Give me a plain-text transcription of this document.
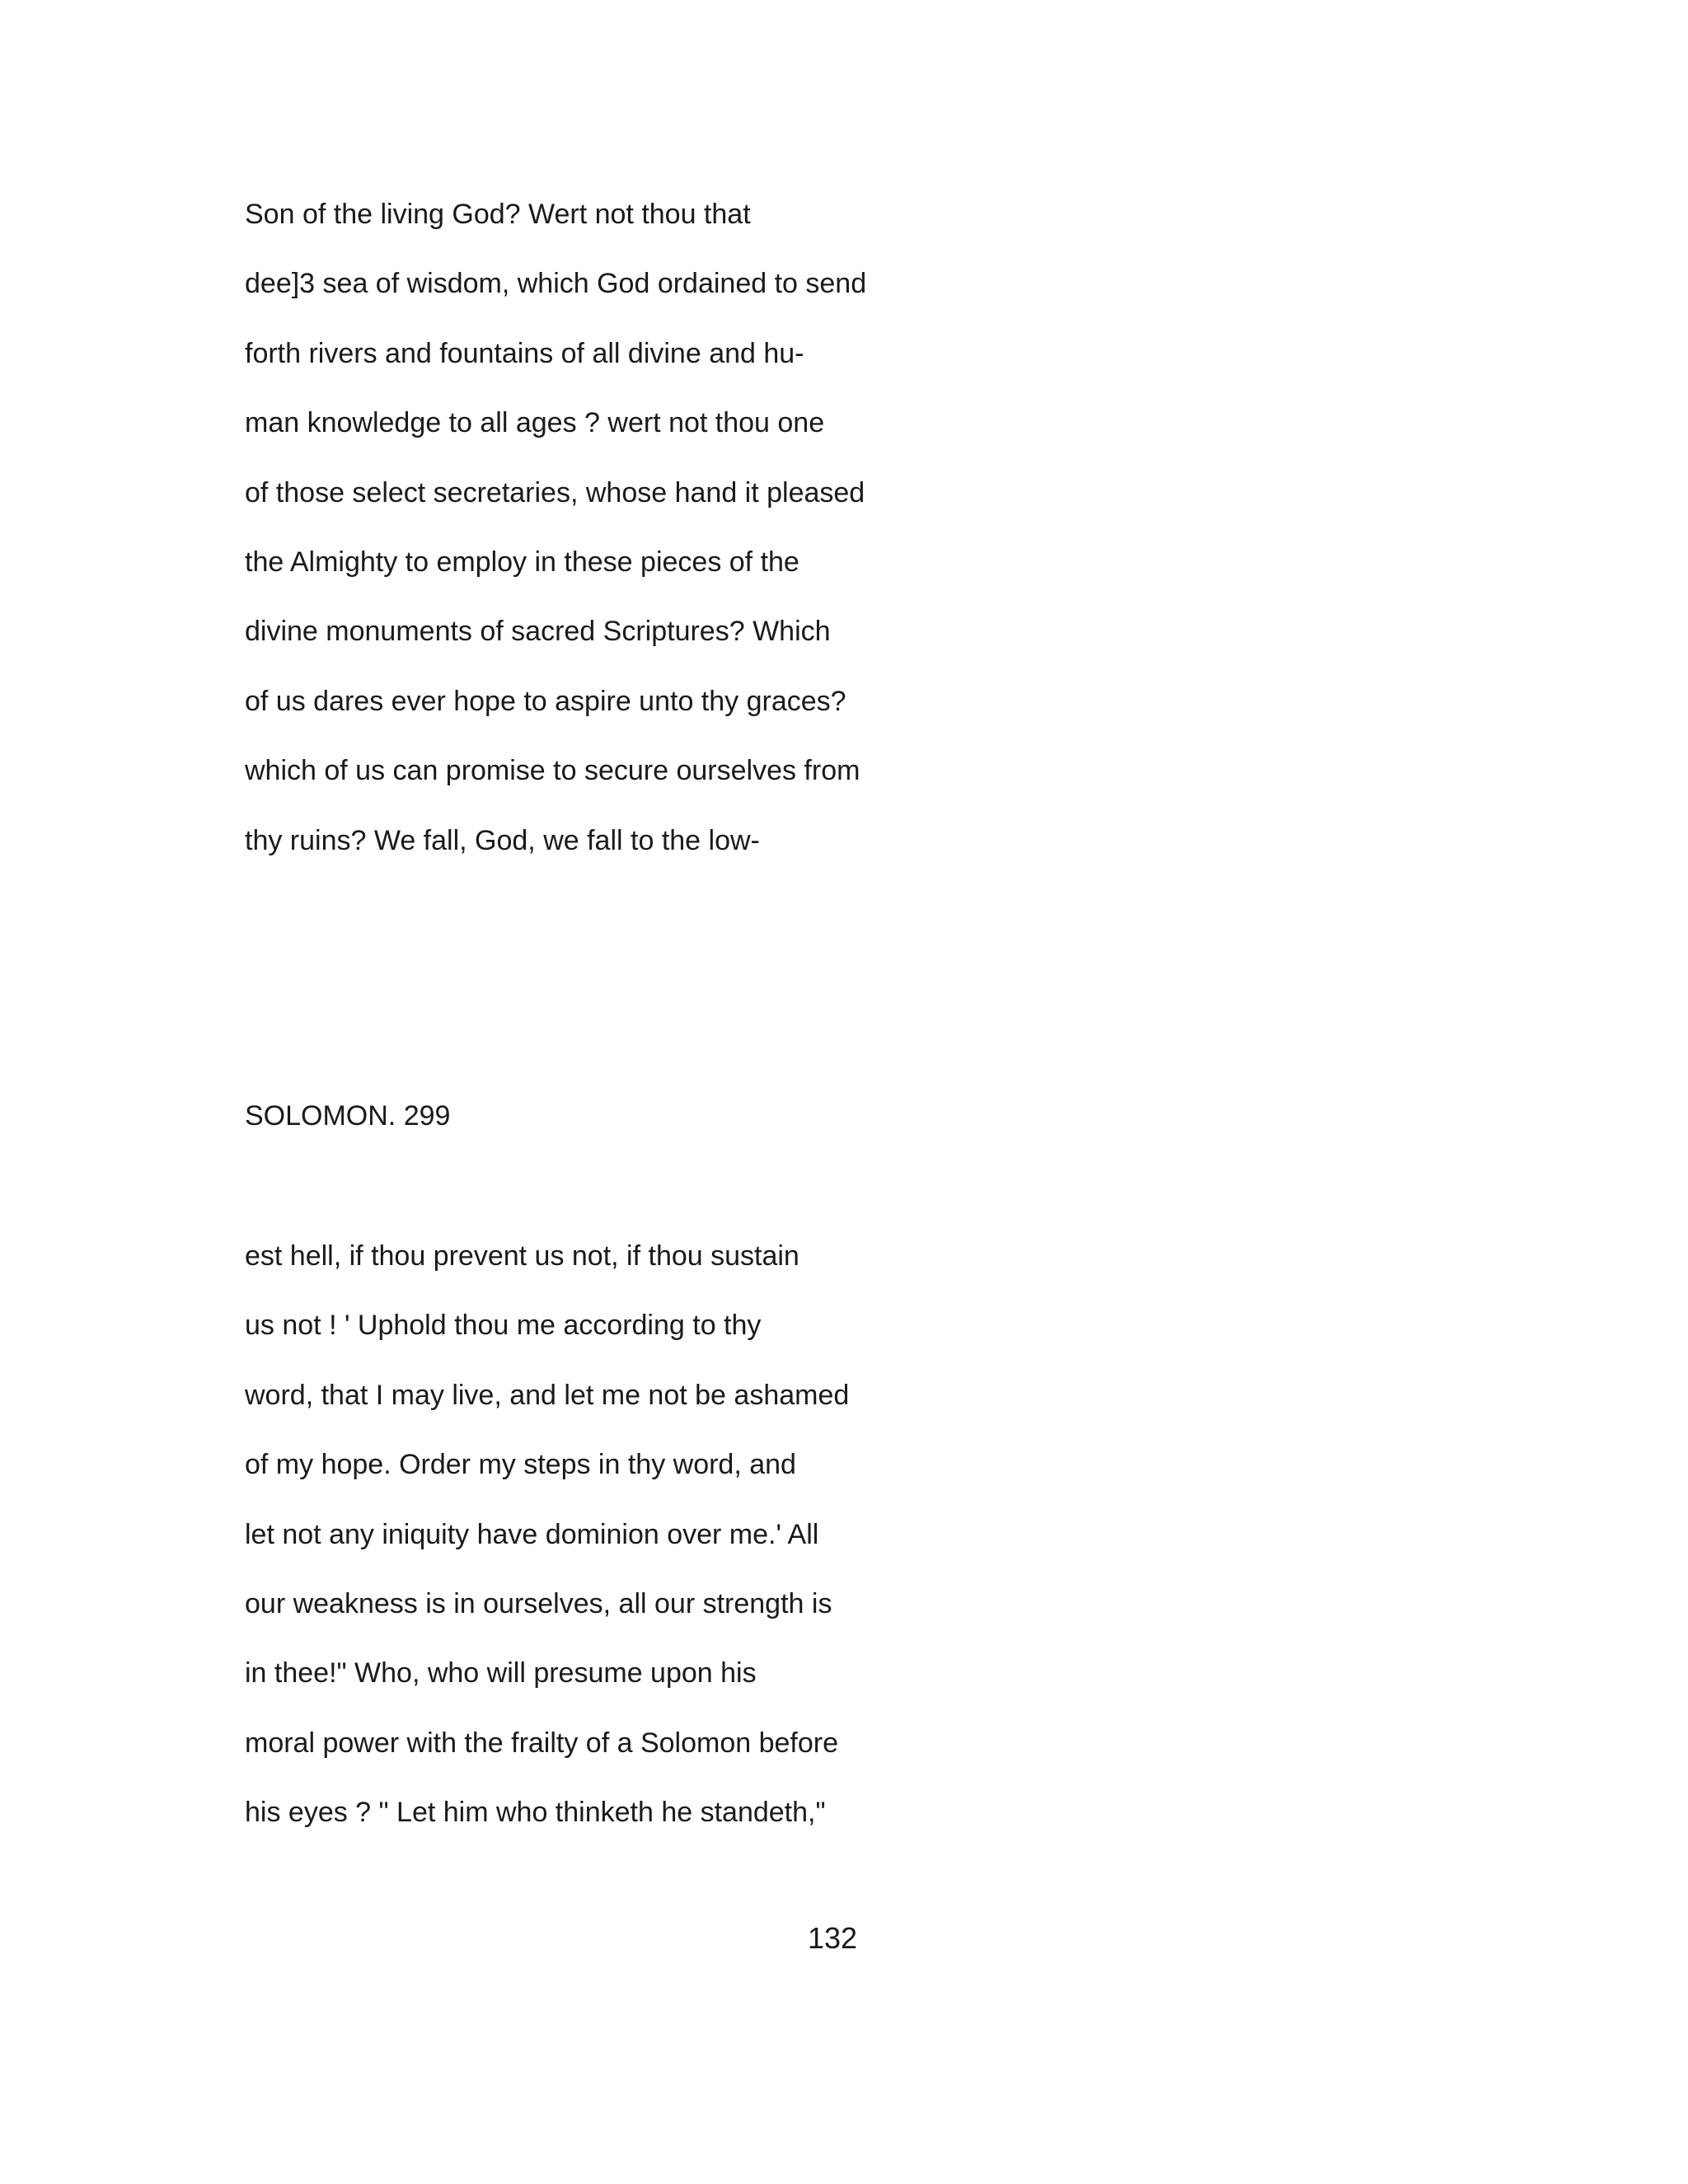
Son of the living God? Wert not thou that
dee]3 sea of wisdom, which God ordained to send
forth rivers and fountains of all divine and hu-
man knowledge to all ages ? wert not thou one
of those select secretaries, whose hand it pleased
the Almighty to employ in these pieces of the
divine monuments of sacred Scriptures? Which
of us dares ever hope to aspire unto thy graces?
which of us can promise to secure ourselves from
thy ruins? We fall, God, we fall to the low-
SOLOMON. 299
est hell, if thou prevent us not, if thou sustain
us not ! ' Uphold thou me according to thy
word, that I may live, and let me not be ashamed
of my hope. Order my steps in thy word, and
let not any iniquity have dominion over me.' All
our weakness is in ourselves, all our strength is
in thee!" Who, who will presume upon his
moral power with the frailty of a Solomon before
his eyes ? " Let him who thinketh he standeth,"
132
